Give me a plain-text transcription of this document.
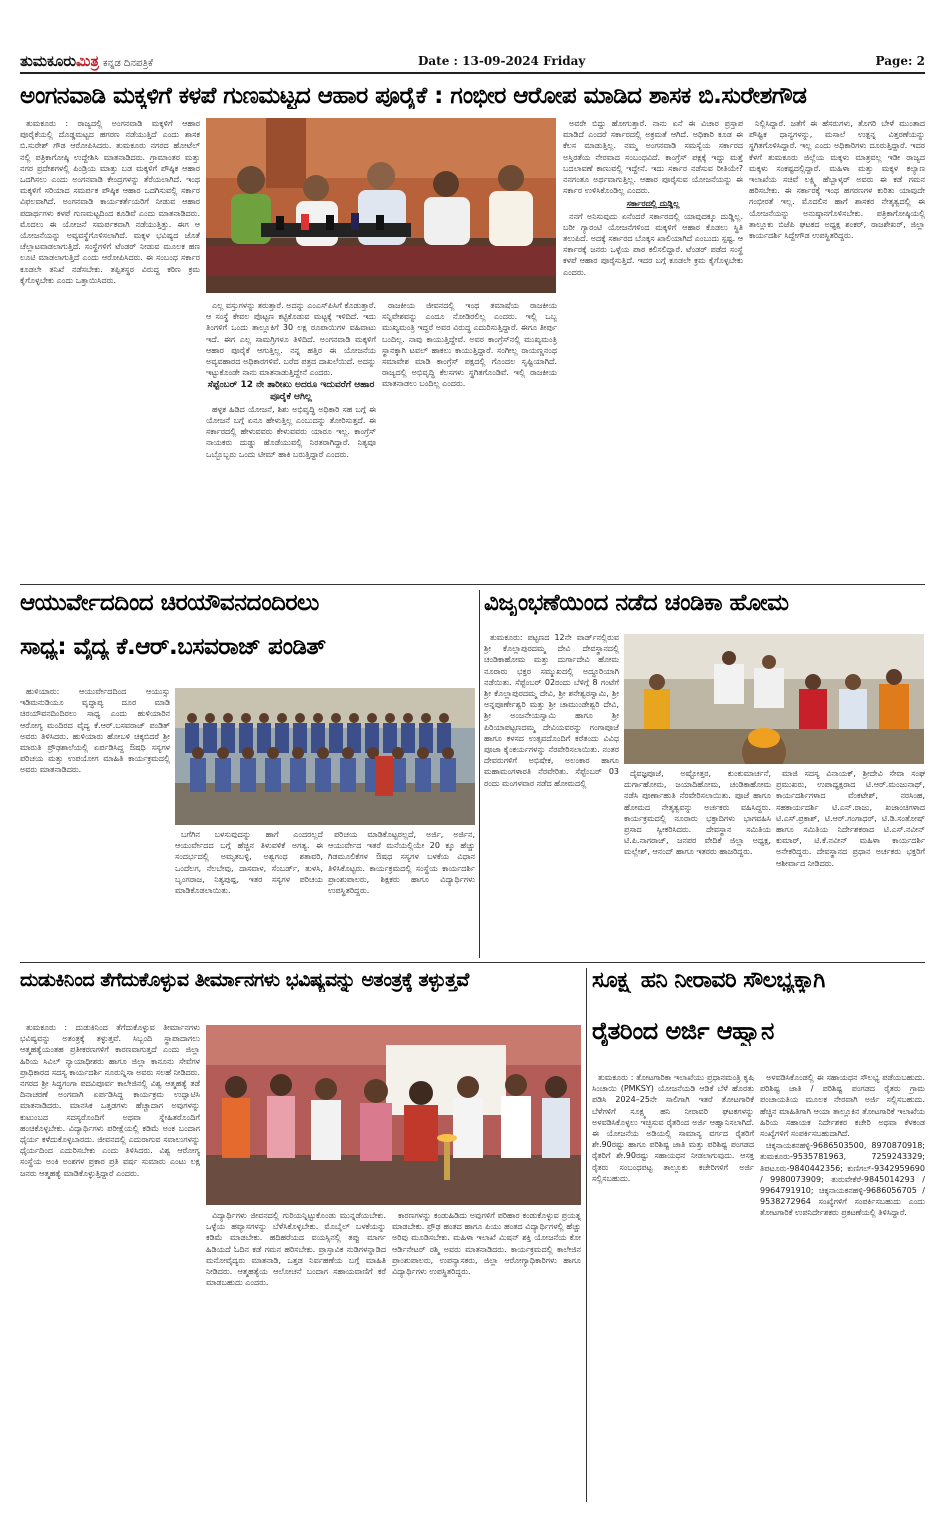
ತುಮಕೂರುಮಿತ್ರ ಕನ್ನಡ ದಿನಪತ್ರಿಕೆ	Date : 13-09-2024 Friday	Page: 2
ಅಂಗನವಾಡಿ ಮಕ್ಕಳಿಗೆ ಕಳಪೆ ಗುಣಮಟ್ಟದ ಆಹಾರ ಪೂರೈಕೆ : ಗಂಭೀರ ಆರೋಪ ಮಾಡಿದ ಶಾಸಕ ಬಿ.ಸುರೇಶಗೌಡ

ತುಮಕೂರು : ರಾಜ್ಯದಲ್ಲಿ ಅಂಗನವಾಡಿ ಮಕ್ಕಳಿಗೆ ಆಹಾರ ಪೂರೈಕೆಯಲ್ಲಿ ದೊಡ್ಡಮಟ್ಟದ ಹಗರಣ ನಡೆಯುತ್ತಿದೆ ಎಂದು ಶಾಸಕ ಬಿ.ಸುರೇಶ್ ಗೌಡ ಆರೋಪಿಸಿದರು. ತುಮಕೂರು ನಗರದ ಹೋಟೆಲ್ ನಲ್ಲಿ ಪತ್ರಿಕಾಗೋಷ್ಠಿ ಉದ್ದೇಶಿಸಿ ಮಾತನಾಡಿದರು. ಗ್ರಾಮಾಂತರ ಮತ್ತು ನಗರ ಪ್ರದೇಶಗಳಲ್ಲಿ ಪಿಂಡ್ರಿಯ ಮಾತ್ತು ಬಡ ಮಕ್ಕಳಿಗೆ ಪೌಷ್ಠಿಕ ಆಹಾರ ಒದಗಿಸಲು ಎಂದು ಅಂಗನವಾಡಿ ಕೇಂದ್ರಗಳನ್ನು ತೆರೆಯಲಾಗಿದೆ. ಇಂಥ ಮಕ್ಕಳಿಗೆ ಸರಿಯಾದ ಸಮರ್ಪಕ ಪೌಷ್ಠಿಕ ಆಹಾರ ಒದಗಿಸುವಲ್ಲಿ ಸರ್ಕಾರ ವಿಫಲವಾಗಿದೆ. ಅಂಗನವಾಡಿ ಕಾರ್ಯಕರ್ತೆಯರಿಗೆ ನೀಡುವ ಆಹಾರ ಪದಾರ್ಥಗಳು ಕಳಪೆ ಗುಣಮಟ್ಟದಿಂದ ಕೂಡಿವೆ ಎಂದು ಮಾತನಾಡಿದರು. ಮೊದಲು ಈ ಯೋಜನೆ ಸಮರ್ಪಕವಾಗಿ ನಡೆಯುತ್ತಿತ್ತು. ಈಗ ಆ ಯೋಜನೆಯನ್ನು ಅವ್ಯವಸ್ಥೆಗೊಳಿಸಲಾಗಿದೆ. ಮಕ್ಕಳ ಭವಿಷ್ಯದ ಜೊತೆ ಚೆಲ್ಲಾಟವಾಡಲಾಗುತ್ತಿದೆ. ಸಂಸ್ಥೆಗಳಿಗೆ ಟೆಂಡರ್ ನೀಡುವ ಮೂಲಕ ಹಣ ಲೂಟಿ ಮಾಡಲಾಗುತ್ತಿದೆ ಎಂದು ಆರೋಪಿಸಿದರು. ಈ ಸಂಬಂಧ ಸರ್ಕಾರ ಕೂಡಲೇ ತನಿಖೆ ನಡೆಸಬೇಕು. ತಪ್ಪಿತಸ್ಥರ ವಿರುದ್ಧ ಕಠಿಣ ಕ್ರಮ ಕೈಗೊಳ್ಳಬೇಕು ಎಂದು ಒತ್ತಾಯಿಸಿದರು.

ಎಲ್ಲ ವಸ್ತುಗಳನ್ನು ತರುತ್ತಾರೆ. ಅದನ್ನು ಎಂಎಸ್‌ಪಿಸಿಗೆ ಕೊಡುತ್ತಾರೆ. ಆ ಸಂಸ್ಥೆ ಕೇವಲ ಪೊಟ್ಟಣ ಕಟ್ಟಿಕೊಡುವ ಮಟ್ಟಕ್ಕೆ ಇಳಿದಿದೆ. ಇದು ತಿಂಗಳಿಗೆ ಒಂದು ತಾಲ್ಲೂಕಿಗೆ 30 ಲಕ್ಷ ರೂಪಾಯಿಗಳ ವಹಿವಾಟು ಇದೆ. ಈಗ ಎಲ್ಲ ಸಾಮಗ್ರಿಗಳೂ ತಿಳಿದಿದೆ. ಅಂಗನವಾಡಿ ಮಕ್ಕಳಿಗೆ ಆಹಾರ ಪೂರೈಕೆ ಆಗುತ್ತಿಲ್ಲ. ನನ್ನ ಹತ್ತಿರ ಈ ಯೋಜನೆಯ ಅವ್ಯವಹಾರದ ಅಧಿಕಾರಗಳಿವೆ. ಬರೆದ ಪತ್ರದ ದಾಖಲೆಯಿದೆ. ಅದನ್ನು ಇಟ್ಟುಕೊಂಡೇ ನಾನು ಮಾತನಾಡುತ್ತಿದ್ದೇನೆ ಎಂದರು.

ಸೆಪ್ಟೆಂಬರ್ 12 ನೇ ತಾರೀಖು ಅದರೂ ಇದುವರೆಗೆ ಆಹಾರ ಪೂರೈಕೆ ಆಗಿಲ್ಲ

ಹಳ್ಳಕ ಹಿಡಿದ ಯೋಜನೆ, ಶಿಶು ಅಭಿವೃದ್ಧಿ ಅಧಿಕಾರಿ ಸಹ ಬಗ್ಗೆ ಈ ಯೋಜನೆ ಬಗ್ಗೆ ಏನೂ ಹೇಳುತ್ತಿಲ್ಲ ಎಂಬುದನ್ನು ತೋರಿಸುತ್ತದೆ. ಈ ಸರ್ಕಾರದಲ್ಲಿ ಹೇಳುವವರು ಕೇಳುವವರು ಯಾರೂ ಇಲ್ಲ. ಕಾಂಗ್ರೆಸ್ ನಾಯಕರು ದುಡ್ಡು ಹೊಡೆಯುವಲ್ಲಿ ನಿರತರಾಗಿದ್ದಾರೆ. ನಿತ್ಯವೂ ಒಬ್ಬೊಬ್ಬರು ಒಂದು ಟೀಮ್ ಹಾಕಿ ಬರುತ್ತಿದ್ದಾರೆ ಎಂದರು.

ರಾಜಕೀಯ ಜೀವನದಲ್ಲಿ ಇಂಥ ತಮಾಷೆಯ ರಾಜಕೀಯ ಸನ್ನಿವೇಶವನ್ನು ಎಂದೂ ನೋಡಿರಲಿಲ್ಲ ಎಂದರು. ಇಲ್ಲಿ ಒಬ್ಬ ಮುಖ್ಯಮಂತ್ರಿ ಇದ್ದರೆ ಅವರ ವಿರುದ್ಧ ಎದುರಿಸುತ್ತಿದ್ದಾರೆ. ಈಗೂ ತೀರ್ಪು ಬಂದಿಲ್ಲ. ನಾವು ಕಾಯುತ್ತಿದ್ದೇವೆ. ಅವರ ಕಾಂಗ್ರೆಸ್‌ನಲ್ಲಿ ಮುಖ್ಯಮಂತ್ರಿ ಸ್ಥಾನಕ್ಕಾಗಿ ಟವಲ್ ಹಾಕಲು ಕಾಯುತ್ತಿದ್ದಾರೆ. ಸಂಗೀಲ್ಲ ರಾಯಣ್ಣನಂಥ ಸಮಾವೇಶ ಮಾಡಿ ಕಾಂಗ್ರೆಸ್ ಪಕ್ಷದಲ್ಲಿ ಗೊಂದಲ ಸೃಷ್ಟಿಯಾಗಿದೆ. ರಾಜ್ಯದಲ್ಲಿ ಅಭಿವೃದ್ಧಿ ಕೆಲಸಗಳು ಸ್ಥಗಿತಗೊಂಡಿವೆ. ಇಲ್ಲಿ ರಾಜಕೀಯ ಮಾತನಾಡಲು ಬಂದಿಲ್ಲ ಎಂದರು.

ಅವರೇ ಬಿದ್ದು ಹೋಗುತ್ತಾರೆ. ನಾನು ಏನೆ ಈ ವಿಚಾರ ಪ್ರಸ್ತಾಪ ಮಾಡಿದೆ ಎಂದರೆ ಸರ್ಕಾರದಲ್ಲಿ ಅಕ್ರಮತೆ ಆಗಿದೆ. ಅಧಿಕಾರಿ ಕೂಡ ಈ ಕೆಲಸ ಮಾಡುತ್ತಿಲ್ಲ. ನಮ್ಮ ಅಂಗನವಾಡಿ ಸಮಸ್ಯೆಯ ಸರ್ಕಾರದ ಅಸ್ತಿರತೆಯ ನೇರವಾದ ಸಂಬಂಧವಿದೆ. ಕಾಂಗ್ರೆಸ್ ಪಕ್ಷಕ್ಕೆ ಇದ್ದು ಮತ್ತೆ ಬದಲಾವಣೆ ಕಾಣುವಲ್ಲಿ ಇದ್ದೇನೆ. ಇದು ಸರ್ಕಾರ ನಡೆಸುವ ರೀತಿಯೇ? ನನಗಂತೂ ಅರ್ಥವಾಗುತ್ತಿಲ್ಲ. ಆಹಾರ ಪೂರೈಸುವ ಯೋಜನೆಯನ್ನು ಈ ಸರ್ಕಾರ ಉಳಿಸಿಕೊಂಡಿಲ್ಲ ಎಂದರು.

ಸರ್ಕಾರದಲ್ಲಿ ದುಡ್ಡಿಲ್ಲ

ನನಗೆ ಅನಿಸುವುದು ಏನೆಂದರೆ ಸರ್ಕಾರದಲ್ಲಿ ಯಾವುದಕ್ಕೂ ದುಡ್ಡಿಲ್ಲ. ಬರೀ ಗ್ಯಾರಂಟಿ ಯೋಜನೆಗಳಿಂದ ಮಕ್ಕಳಿಗೆ ಆಹಾರ ಕೊಡಲು ಸ್ಥಿತಿ ತಲುಪಿದೆ. ಅದಕ್ಕೆ ಸರ್ಕಾರದ ಬೊಕ್ಕಸ ಖಾಲಿಯಾಗಿದೆ ಎಂಬುದು ಸ್ಪಷ್ಟ. ಆ ಸರ್ಕಾರಕ್ಕೆ ಜನರು ಒಳ್ಳೆಯ ಪಾಠ ಕಲಿಸಲಿದ್ದಾರೆ. ಟೆಂಡರ್ ಪಡೆದ ಸಂಸ್ಥೆ ಕಳಪೆ ಆಹಾರ ಪೂರೈಸುತ್ತಿದೆ. ಇದರ ಬಗ್ಗೆ ಕೂಡಲೇ ಕ್ರಮ ಕೈಗೊಳ್ಳಬೇಕು ಎಂದರು.

ನಿಲ್ಲಿಸಿದ್ದಾರೆ. ಜತೆಗೆ ಈ ಹೆಸರುಗಳು, ತೊಗರಿ ಬೇಳೆ ಮುಂತಾದ ಪೌಷ್ಟಿಕ ಧಾನ್ಯಗಳನ್ನು, ಮಸಾಲೆ ಉತ್ಪನ್ನ ವಿತ್ತರಣೆಯನ್ನು ಸ್ಥಗಿತಗೊಳಿಸಿದ್ದಾರೆ. ಇಲ್ಲ ಎಂದು ಅಧಿಕಾರಿಗಳು ದೂರುತ್ತಿದ್ದಾರೆ. ಇದರ ಕೆಳಗೆ ತುಮಕೂರು ಜಿಲ್ಲೆಯ ಮಕ್ಕಳು ಮಾತ್ರವಲ್ಲ ಇಡೀ ರಾಜ್ಯದ ಮಕ್ಕಳು ಸಂಕಷ್ಟದಲ್ಲಿದ್ದಾರೆ. ಮಹಿಳಾ ಮತ್ತು ಮಕ್ಕಳ ಕಲ್ಯಾಣ ಇಲಾಖೆಯ ಸಚಿವೆ ಲಕ್ಷ್ಮಿ ಹೆಬ್ಬಾಳ್ಕರ್ ಅವರು ಈ ಕಡೆ ಗಮನ ಹರಿಸಬೇಕು. ಈ ಸರ್ಕಾರಕ್ಕೆ ಇಂಥ ಹಗರಣಗಳ ಕುರಿತು ಯಾವುದೇ ಗಂಭೀರತೆ ಇಲ್ಲ. ಮೊದಲಿನ ಹಾಗೆ ಶಾಸಕರ ನೇತೃತ್ವದಲ್ಲಿ ಈ ಯೋಜನೆಯನ್ನು ಅನುಷ್ಠಾನಗೊಳಿಸಬೇಕು. ಪತ್ರಿಕಾಗೋಷ್ಠಿಯಲ್ಲಿ ತಾಲ್ಲೂಕು ಬಿಜೆಪಿ ಘಟಕದ ಅಧ್ಯಕ್ಷ ಶಂಕರ್, ರಾಜಶೇಖರ್, ಜಿಲ್ಲಾ ಕಾರ್ಯದರ್ಶಿ ಸಿದ್ದೇಗೌಡ ಉಪಸ್ಥಿತರಿದ್ದರು.

ಆಯುರ್ವೇದದಿಂದ ಚಿರಯೌವನದಂದಿರಲು
ಸಾಧ್ಯ: ವೈದ್ಯ ಕೆ.ಆರ್.ಬಸವರಾಜ್ ಪಂಡಿತ್

ಹುಳಿಯಾರು: ಆಯುರ್ವೇದದಿಂದ ಆಯುಸ್ಸು ಇಡಿಮನುಡಿಯೂ ವೃದ್ಧಾಪ್ಯ ದೂರ ಮಾಡಿ ಚಿರಯೌವನದಿಂದಿರಲು ಸಾಧ್ಯ ಎಂದು ಹುಳಿಯಾರಿನ ಆರೋಗ್ಯ ಮಂದಿರದ ವೈದ್ಯ ಕೆ.ಆರ್.ಬಸವರಾಜ್ ಪಂಡಿತ್ ಅವರು ತಿಳಿಸಿದರು. ಹುಳಿಯಾರು ಹೋಬಳಿ ಚಿಕ್ಕಬಿದರೆ ಶ್ರೀ ಮಾರುತಿ ಪ್ರೌಢಶಾಲೆಯಲ್ಲಿ ಏರ್ಪಡಿಸಿದ್ದ ಔಷಧಿ ಸಸ್ಯಗಳ ಪರಿಚಯ ಮತ್ತು ಉಪಯೋಗ ಮಾಹಿತಿ ಕಾರ್ಯಕ್ರಮದಲ್ಲಿ ಅವರು ಮಾತನಾಡಿದರು.

ಬಗೆಗಿನ ಬಳಸುವುದನ್ನು ಹಾಗೆ ಎಂದರಲ್ಲದೆ ಆಯುರ್ವೇದದ ಬಗ್ಗೆ ಹೆಚ್ಚಿನ ತಿಳುವಳಿಕೆ ಅಗತ್ಯ. ಈ ಸಂದರ್ಭದಲ್ಲಿ ಅಮೃತಬಳ್ಳಿ, ಅಶ್ವಗಂಧ ಶತಾವರಿ, ಒಂದೆಲಗ, ನೆಲಬೇವು, ದಾಸವಾಳ, ಸೆಂಬರ್ಡ್, ತುಳಸಿ, ಬೃಂಗರಾಜ, ನಿತ್ಯಪುಷ್ಪ, ಇತರ ಸಸ್ಯಗಳ ಪರಿಚಯ ಮಾಡಿಕೊಡಲಾಯಿತು.

ಪರಿಚಯ ಮಾಡಿಕೊಟ್ಟರಲ್ಲದೆ, ಅರ್ಜಿ, ಅರ್ಜಿನ, ಆಯುರ್ವೇದ ಇತರೆ ಮನೆಯಲ್ಲಿಯೇ 20 ಕ್ಕೂ ಹೆಚ್ಚು ಗಿಡಮೂಲಿಕೆಗಳ ಔಷಧ ಸಸ್ಯಗಳ ಬಳಕೆಯ ವಿಧಾನ ತಿಳಿಸಿಕೊಟ್ಟರು. ಕಾರ್ಯಕ್ರಮದಲ್ಲಿ ಸಂಸ್ಥೆಯ ಕಾರ್ಯದರ್ಶಿ ಪ್ರಾಂಶುಪಾಲರು, ಶಿಕ್ಷಕರು ಹಾಗೂ ವಿದ್ಯಾರ್ಥಿಗಳು ಉಪಸ್ಥಿತರಿದ್ದರು.

ವಿಜೃಂಭಣೆಯಿಂದ ನಡೆದ ಚಂಡಿಕಾ ಹೋಮ

ತುಮಕೂರು: ಪಟ್ಟಣದ 12ನೇ ವಾರ್ಡ್‌ನಲ್ಲಿರುವ ಶ್ರೀ ಕೊಲ್ಲಾಪುರದಮ್ಮ ದೇವಿ ದೇವಸ್ಥಾನದಲ್ಲಿ ಚಂಡಿಕಾಹೋಮ ಮತ್ತು ದುರ್ಗಾದೇವಿ ಹೋಮ ನೂರಾರು ಭಕ್ತರ ಸಮ್ಮುಖದಲ್ಲಿ ಅದ್ಧೂರಿಯಾಗಿ ನಡೆಯಿತು. ಸೆಪ್ಟೆಂಬರ್ 02ರಂದು ಬೆಳಿಗ್ಗೆ 8 ಗಂಟೆಗೆ ಶ್ರೀ ಕೊಲ್ಲಾಪುರದಮ್ಮ ದೇವಿ, ಶ್ರೀ ಶನೇಶ್ವರಸ್ವಾಮಿ, ಶ್ರೀ ಅನ್ನಪೂರ್ಣೇಶ್ವರಿ ಮತ್ತು ಶ್ರೀ ಚಾಮುಂಡೇಶ್ವರಿ ದೇವಿ, ಶ್ರೀ ಅಂಜನೇಯಸ್ವಾಮಿ ಹಾಗೂ ಶ್ರೀ ಪಿರಿಯಾಪಟ್ಟಣದಮ್ಮ ದೇವಿಯವರನ್ನು ಗಂಗಾಪೂಜೆ ಹಾಗೂ ಕಳಸದ ಉತ್ಸವದೊಂದಿಗೆ ಕರೆತಂದು ವಿವಿಧ ಪೂಜಾ ಕೈಂಕರ್ಯಗಳನ್ನು ನೆರವೇರಿಸಲಾಯಿತು. ನಂತರ ದೇವರುಗಳಿಗೆ ಅಭಿಷೇಕ, ಅಲಂಕಾರ ಹಾಗೂ ಮಹಾಮಂಗಳಾರತಿ ನೆರವೇರಿತು. ಸೆಪ್ಟೆಂಬರ್ 03 ರಂದು ಮಂಗಳವಾರ ನಡೆದ ಹೋಮದಲ್ಲಿ

ದೈವಜ್ಞಪೂಜೆ, ಅಷ್ಟೋತ್ತರ, ಕುಂಕುಮಾರ್ಚನೆ, ದುರ್ಗಾಹೋಮ, ಜಯಾದಿಹೋಮ, ಚಂಡಿಕಾಹೋಮ ನಡೆಸಿ ಪೂರ್ಣಾಹುತಿ ನೆರವೇರಿಸಲಾಯಿತು. ಪೂಜೆ ಹಾಗೂ ಹೋಮದ ನೇತೃತ್ವವನ್ನು ಅರ್ಚಕರು ವಹಿಸಿದ್ದರು. ಕಾರ್ಯಕ್ರಮದಲ್ಲಿ ನೂರಾರು ಭಕ್ತಾದಿಗಳು ಭಾಗವಹಿಸಿ ಪ್ರಸಾದ ಸ್ವೀಕರಿಸಿದರು. ದೇವಸ್ಥಾನ ಸಮಿತಿಯ ಟಿ.ಪಿ.ನಾಗರಾಜ್, ಜನಪರ ವೇದಿಕೆ ಜಿಲ್ಲಾ ಅಧ್ಯಕ್ಷ, ಮಲ್ಲೇಶ್, ಆನಂದ್ ಹಾಗೂ ಇತರರು ಹಾಜರಿದ್ದರು.

ಮಾಜಿ ಸದಸ್ಯ ವಿನಾಯಕ್, ಶ್ರೀದೇವಿ ಸೇವಾ ಸಂಘ ಪ್ರಮುಖರು, ಉಪಾಧ್ಯಕ್ಷರಾದ ಟಿ.ಆರ್.ಮಂಜುನಾಥ್, ಕಾರ್ಯದರ್ಶಿಗಳಾದ ವೆಂಕಟೇಶ್, ನರಸಿಂಹ, ಸಹಕಾರ್ಯದರ್ಶಿ ಟಿ.ಎನ್.ರಾಜು, ಖಜಾಂಚಿಗಳಾದ ಟಿ.ಎಸ್.ಪ್ರಕಾಶ್, ಟಿ.ಆರ್.ಗಂಗಾಧರ್, ಟಿ.ಡಿ.ಸಂತೋಷ್ ಹಾಗೂ ಸಮಿತಿಯ ನಿರ್ದೇಶಕರಾದ ಟಿ.ಎಸ್.ನವೀನ್ ಕುಮಾರ್, ಟಿ.ಕೆ.ನವೀನ್ ಮಹಿಳಾ ಕಾರ್ಯದರ್ಶಿ ಅನೇಕರಿದ್ದರು. ದೇವಸ್ಥಾನದ ಪ್ರಧಾನ ಅರ್ಚಕರು ಭಕ್ತರಿಗೆ ಆಶೀರ್ವಾದ ನೀಡಿದರು.

ದುಡುಕಿನಿಂದ ತೆಗೆದುಕೊಳ್ಳುವ ತೀರ್ಮಾನಗಳು ಭವಿಷ್ಯವನ್ನು ಅತಂತ್ರಕ್ಕೆ ತಳ್ಳುತ್ತವೆ

ತುಮಕೂರು : ದುಡುಕಿನಿಂದ ತೆಗೆದುಕೊಳ್ಳುವ ತೀರ್ಮಾನಗಳು ಭವಿಷ್ಯವನ್ನು ಅತಂತ್ರಕ್ಕೆ ತಳ್ಳುತ್ತವೆ. ಸಿಬ್ಬಂದಿ ಸ್ಥಾಪಾದಾಗಲು ಆತ್ಮಹತ್ಯೆಯಂತಹ ಪ್ರತೀಕರಣಗಳಿಗೆ ಕಾರಣವಾಗುತ್ತದೆ ಎಂದು ಜಿಲ್ಲಾ ಹಿರಿಯ ಸಿವಿಲ್ ನ್ಯಾಯಾಧೀಶರು ಹಾಗೂ ಜಿಲ್ಲಾ ಕಾನೂನು ಸೇವೆಗಳ ಪ್ರಾಧಿಕಾರದ ಸದಸ್ಯ ಕಾರ್ಯದರ್ಶಿ ನೂರುನ್ನಿಸಾ ಅವರು ಸಲಹೆ ನೀಡಿದರು. ನಗರದ ಶ್ರೀ ಸಿದ್ಧಗಂಗಾ ಪದವಿಪೂರ್ವ ಕಾಲೇಜಿನಲ್ಲಿ ವಿಶ್ವ ಆತ್ಮಹತ್ಯೆ ತಡೆ ದಿನಾಚರಣೆ ಅಂಗವಾಗಿ ಏರ್ಪಡಿಸಿದ್ದ ಕಾರ್ಯಕ್ರಮ ಉದ್ಘಾಟಿಸಿ ಮಾತನಾಡಿದರು. ಮಾನಸಿಕ ಒತ್ತಡಗಳು ಹೆಚ್ಚಾದಾಗ ಅವುಗಳನ್ನು ಕುಟುಂಬದ ಸದಸ್ಯರೊಂದಿಗೆ ಅಥವಾ ಸ್ನೇಹಿತರೊಂದಿಗೆ ಹಂಚಿಕೊಳ್ಳಬೇಕು. ವಿದ್ಯಾರ್ಥಿಗಳು ಪರೀಕ್ಷೆಯಲ್ಲಿ ಕಡಿಮೆ ಅಂಕ ಬಂದಾಗ ಧೈರ್ಯ ಕಳೆದುಕೊಳ್ಳಬಾರದು. ಜೀವನದಲ್ಲಿ ಎದುರಾಗುವ ಸವಾಲುಗಳನ್ನು ಧೈರ್ಯದಿಂದ ಎದುರಿಸಬೇಕು ಎಂದು ತಿಳಿಸಿದರು. ವಿಶ್ವ ಆರೋಗ್ಯ ಸಂಸ್ಥೆಯ ಅಂಕಿ ಅಂಶಗಳ ಪ್ರಕಾರ ಪ್ರತಿ ವರ್ಷ ಸುಮಾರು ಎಂಟು ಲಕ್ಷ ಜನರು ಆತ್ಮಹತ್ಯೆ ಮಾಡಿಕೊಳ್ಳುತ್ತಿದ್ದಾರೆ ಎಂದರು.

ವಿದ್ಯಾರ್ಥಿಗಳು ಜೀವನದಲ್ಲಿ ಗುರಿಯನ್ನಿಟ್ಟುಕೊಂಡು ಮುನ್ನಡೆಯಬೇಕು. ಒಳ್ಳೆಯ ಹವ್ಯಾಸಗಳನ್ನು ಬೆಳೆಸಿಕೊಳ್ಳಬೇಕು. ಮೊಬೈಲ್ ಬಳಕೆಯನ್ನು ಕಡಿಮೆ ಮಾಡಬೇಕು. ಹದಿಹರೆಯದ ವಯಸ್ಸಿನಲ್ಲಿ ತಪ್ಪು ಮಾರ್ಗ ಹಿಡಿಯದೆ ಓದಿನ ಕಡೆ ಗಮನ ಹರಿಸಬೇಕು. ಪ್ರಾಸ್ತಾವಿಕ ನುಡಿಗಳನ್ನಾಡಿದ ಮನೋವೈದ್ಯರು ಮಾತನಾಡಿ, ಒತ್ತಡ ನಿರ್ವಹಣೆಯ ಬಗ್ಗೆ ಮಾಹಿತಿ ನೀಡಿದರು. ಆತ್ಮಹತ್ಯೆಯ ಆಲೋಚನೆ ಬಂದಾಗ ಸಹಾಯವಾಣಿಗೆ ಕರೆ ಮಾಡಬಹುದು ಎಂದರು.

ಕಾರಣಗಳನ್ನು ಕಂಡುಹಿಡಿದು ಅವುಗಳಿಗೆ ಪರಿಹಾರ ಕಂಡುಕೊಳ್ಳುವ ಪ್ರಯತ್ನ ಮಾಡಬೇಕು. ಪ್ರೌಢ ಹಂತದ ಹಾಗೂ ಪಿಯು ಹಂತದ ವಿದ್ಯಾರ್ಥಿಗಳಲ್ಲಿ ಹೆಚ್ಚು ಅರಿವು ಮೂಡಿಸಬೇಕು. ಮಹಿಳಾ ಇಲಾಖೆ ಮಿಷನ್ ಶಕ್ತಿ ಯೋಜನೆಯ ಕೋ ಆರ್ಡಿನೇಟರ್ ರಶ್ಮಿ ಅವರು ಮಾತನಾಡಿದರು. ಕಾರ್ಯಕ್ರಮದಲ್ಲಿ ಕಾಲೇಜಿನ ಪ್ರಾಂಶುಪಾಲರು, ಉಪನ್ಯಾಸಕರು, ಜಿಲ್ಲಾ ಆರೋಗ್ಯಾಧಿಕಾರಿಗಳು ಹಾಗೂ ವಿದ್ಯಾರ್ಥಿಗಳು ಉಪಸ್ಥಿತರಿದ್ದರು.

ಸೂಕ್ಷ್ಮ ಹನಿ ನೀರಾವರಿ ಸೌಲಭ್ಯಕ್ಕಾಗಿ
ರೈತರಿಂದ ಅರ್ಜಿ ಆಹ್ವಾನ

ತುಮಕೂರು : ತೋಟಗಾರಿಕಾ ಇಲಾಖೆಯು ಪ್ರಧಾನಮಂತ್ರಿ ಕೃಷಿ ಸಿಂಚಾಯಿ (PMKSY) ಯೋಜನೆಯಡಿ ಆಡಿಕೆ ಬೆಳೆ ಹೊರತು ಪಡಿಸಿ 2024–25ನೇ ಸಾಲಿಗಾಗಿ ಇತರೆ ತೋಟಗಾರಿಕೆ ಬೆಳೆಗಳಿಗೆ ಸೂಕ್ಷ್ಮ ಹನಿ ನೀರಾವರಿ ಘಟಕಗಳನ್ನು ಅಳವಡಿಸಿಕೊಳ್ಳಲು ಇಚ್ಛಿಸುವ ರೈತರಿಂದ ಅರ್ಜಿ ಆಹ್ವಾನಿಸಲಾಗಿದೆ. ಈ ಯೋಜನೆಯ ಅಡಿಯಲ್ಲಿ ಸಾಮಾನ್ಯ ವರ್ಗದ ರೈತರಿಗೆ ಶೇ.90ರಷ್ಟು ಹಾಗೂ ಪರಿಶಿಷ್ಟ ಜಾತಿ ಮತ್ತು ಪರಿಶಿಷ್ಟ ಪಂಗಡದ ರೈತರಿಗೆ ಶೇ.90ರಷ್ಟು ಸಹಾಯಧನ ನೀಡಲಾಗುವುದು. ಆಸಕ್ತ ರೈತರು ಸಂಬಂಧಪಟ್ಟ ತಾಲ್ಲೂಕು ಕಚೇರಿಗಳಿಗೆ ಅರ್ಜಿ ಸಲ್ಲಿಸಬಹುದು.

ಅಳವಡಿಸಿಕೊಂಡಲ್ಲಿ ಈ ಸಹಾಯಧನ ಸೌಲಭ್ಯ ಪಡೆಯಬಹುದು. ಪರಿಶಿಷ್ಟ ಜಾತಿ / ಪರಿಶಿಷ್ಟ ಪಂಗಡದ ರೈತರು ಗ್ರಾಮ ಪಂಚಾಯತಿಯ ಮೂಲಕ ನೇರವಾಗಿ ಅರ್ಜಿ ಸಲ್ಲಿಸಬಹುದು. ಹೆಚ್ಚಿನ ಮಾಹಿತಿಗಾಗಿ ಆಯಾ ತಾಲ್ಲೂಕಿನ ತೋಟಗಾರಿಕೆ ಇಲಾಖೆಯ ಹಿರಿಯ ಸಹಾಯಕ ನಿರ್ದೇಶಕರ ಕಚೇರಿ ಅಥವಾ ಕೆಳಕಂಡ ಸಂಖ್ಯೆಗಳಿಗೆ ಸಂಪರ್ಕಿಸಬಹುದಾಗಿದೆ.

ಚಿಕ್ಕನಾಯಕನಹಳ್ಳಿ-9686503500, 8970870918; ತುಮಕೂರು-9535781963, 7259243329; ತಿಪಟೂರು-9840442356; ಕುಣಿಗಲ್-9342959690 / 9980073909; ತುರುವೇಕೆರೆ-9845014293 / 9964791910; ಚಿಕ್ಕನಾಯಕನಹಳ್ಳಿ-9686056705 / 9538272964 ಸಂಖ್ಯೆಗಳಿಗೆ ಸಂಪರ್ಕಿಸಬಹುದು ಎಂದು ತೋಟಗಾರಿಕೆ ಉಪನಿರ್ದೇಶಕರು ಪ್ರಕಟಣೆಯಲ್ಲಿ ತಿಳಿಸಿದ್ದಾರೆ.
